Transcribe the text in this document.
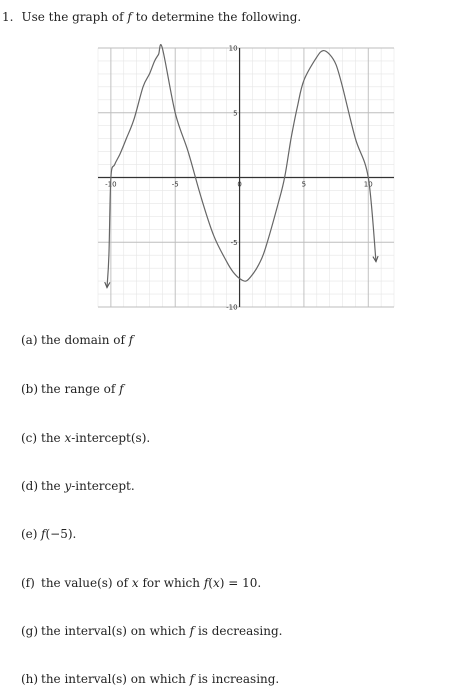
1. Use the graph of f to determine the following.
-10	-5	0	5	10
10
5
-5
-10
(a) the domain of f
(b) the range of f
(c) the x-intercept(s).
(d) the y-intercept.
(e) f(−5).
(f) the value(s) of x for which f(x) = 10.
(g) the interval(s) on which f is decreasing.
(h) the interval(s) on which f is increasing.
